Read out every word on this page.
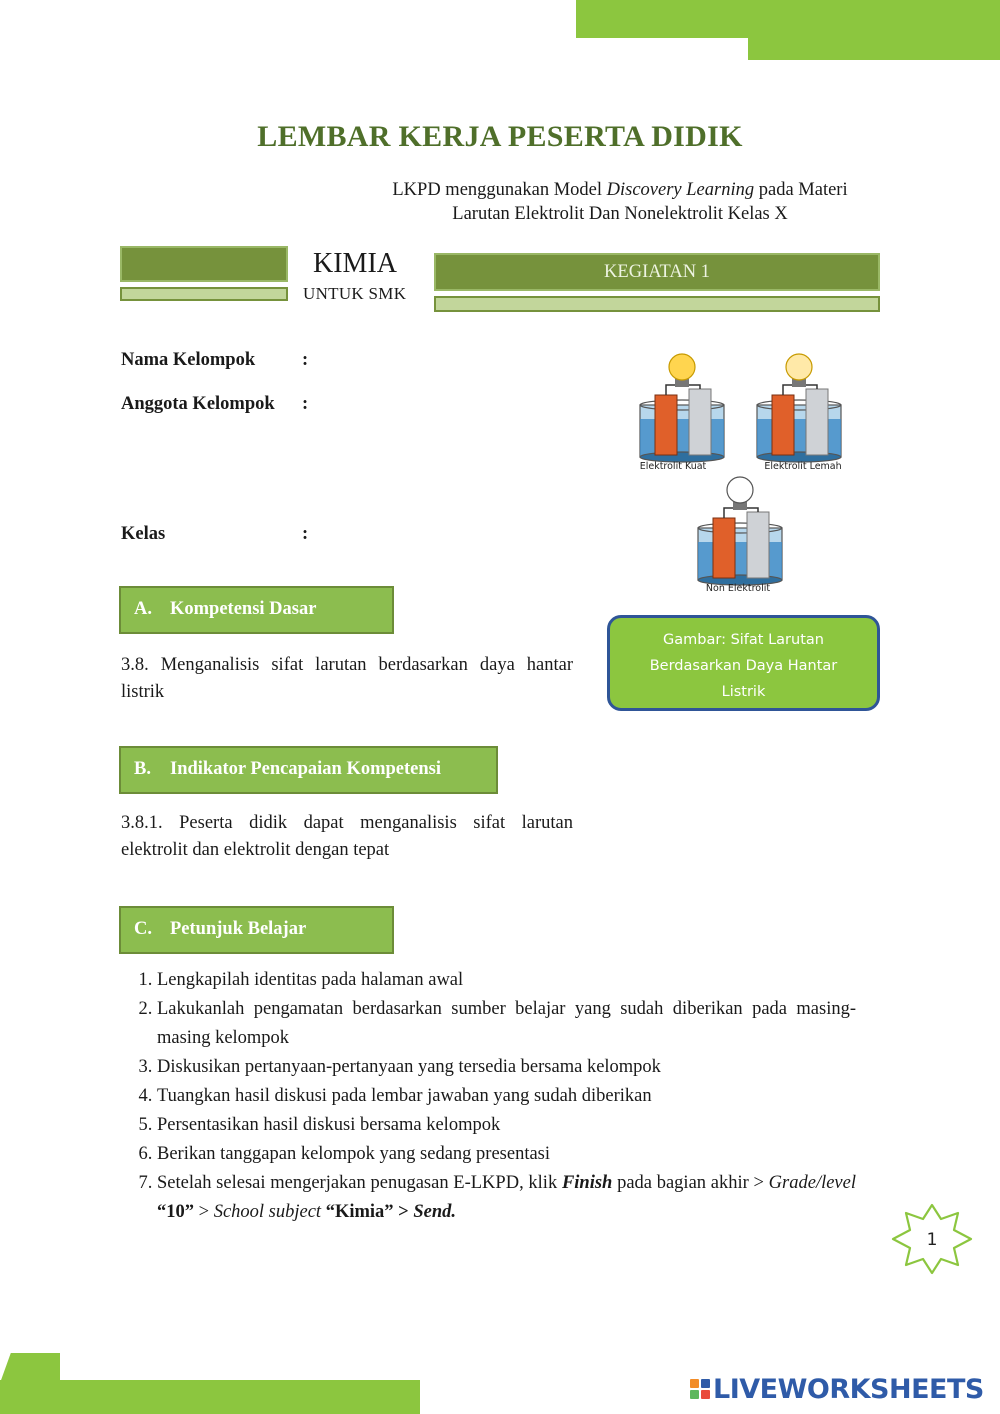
LEMBAR KERJA PESERTA DIDIK
LKPD menggunakan Model Discovery Learning pada Materi
Larutan Elektrolit Dan Nonelektrolit Kelas X
KIMIA
UNTUK SMK
KEGIATAN 1
Nama Kelompok	:
Anggota Kelompok :
Kelas	:
Elektrolit Kuat	Elektrolit Lemah
Non Elektrolit
Gambar: Sifat Larutan
Berdasarkan Daya Hantar
Listrik
A. Kompetensi Dasar
3.8. Menganalisis sifat larutan berdasarkan daya hantar listrik
B. Indikator Pencapaian Kompetensi
3.8.1. Peserta didik dapat menganalisis sifat larutan elektrolit dan elektrolit dengan tepat
C. Petunjuk Belajar
1. Lengkapilah identitas pada halaman awal
2. Lakukanlah pengamatan berdasarkan sumber belajar yang sudah diberikan pada masing-masing kelompok
3. Diskusikan pertanyaan-pertanyaan yang tersedia bersama kelompok
4. Tuangkan hasil diskusi pada lembar jawaban yang sudah diberikan
5. Persentasikan hasil diskusi bersama kelompok
6. Berikan tanggapan kelompok yang sedang presentasi
7. Setelah selesai mengerjakan penugasan E-LKPD, klik Finish pada bagian akhir > Grade/level “10” > School subject “Kimia” > Send.
1
LIVEWORKSHEETS
